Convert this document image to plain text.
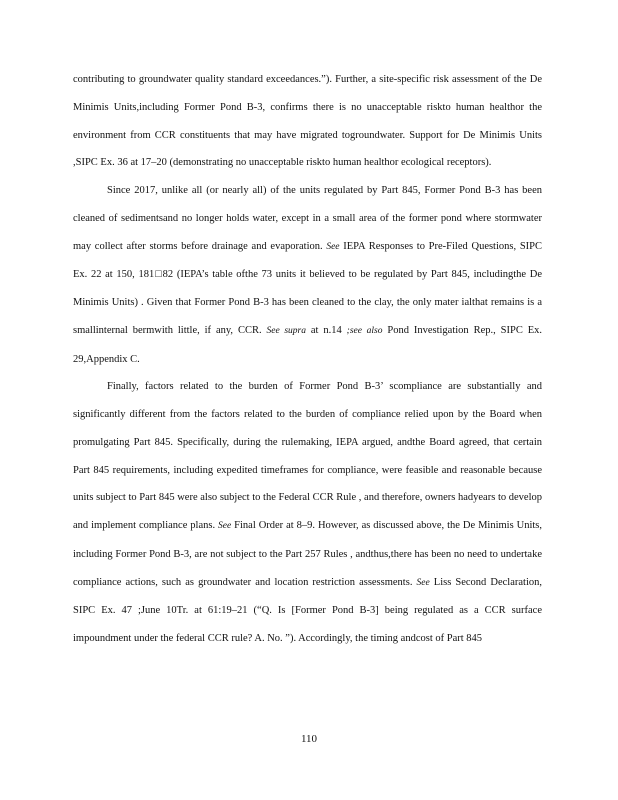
contributing to groundwater quality standard exceedances.”). Further, a site-specific risk assessment of the De Minimis Units,including Former Pond B-3, confirms there is no unacceptable riskto human healthor the environment from CCR constituents that may have migrated togroundwater. Support for De Minimis Units ,SIPC Ex. 36 at 17–20 (demonstrating no unacceptable riskto human healthor ecological receptors).

Since 2017, unlike all (or nearly all) of the units regulated by Part 845, Former Pond B-3 has been cleaned of sedimentsand no longer holds water, except in a small area of the former pond where stormwater may collect after storms before drainage and evaporation. See IEPA Responses to Pre-Filed Questions, SIPC Ex. 22 at 150, 181□82 (IEPA’s table ofthe 73 units it believed to be regulated by Part 845, includingthe De Minimis Units) . Given that Former Pond B-3 has been cleaned to the clay, the only mater ialthat remains is a smallinternal bermwith little, if any, CCR. See supra at n.14 ;see also Pond Investigation Rep., SIPC Ex. 29,Appendix C.

Finally, factors related to the burden of Former Pond B-3’ scompliance are substantially and significantly different from the factors related to the burden of compliance relied upon by the Board when promulgating Part 845. Specifically, during the rulemaking, IEPA argued, andthe Board agreed, that certain Part 845 requirements, including expedited timeframes for compliance, were feasible and reasonable because units subject to Part 845 were also subject to the Federal CCR Rule , and therefore, owners hadyears to develop and implement compliance plans. See Final Order at 8–9. However, as discussed above, the De Minimis Units, including Former Pond B-3, are not subject to the Part 257 Rules , andthus,there has been no need to undertake compliance actions, such as groundwater and location restriction assessments. See Liss Second Declaration, SIPC Ex. 47 ;June 10Tr. at 61:19–21 (“Q. Is [Former Pond B-3] being regulated as a CCR surface impoundment under the federal CCR rule? A. No. ”). Accordingly, the timing andcost of Part 845

110
